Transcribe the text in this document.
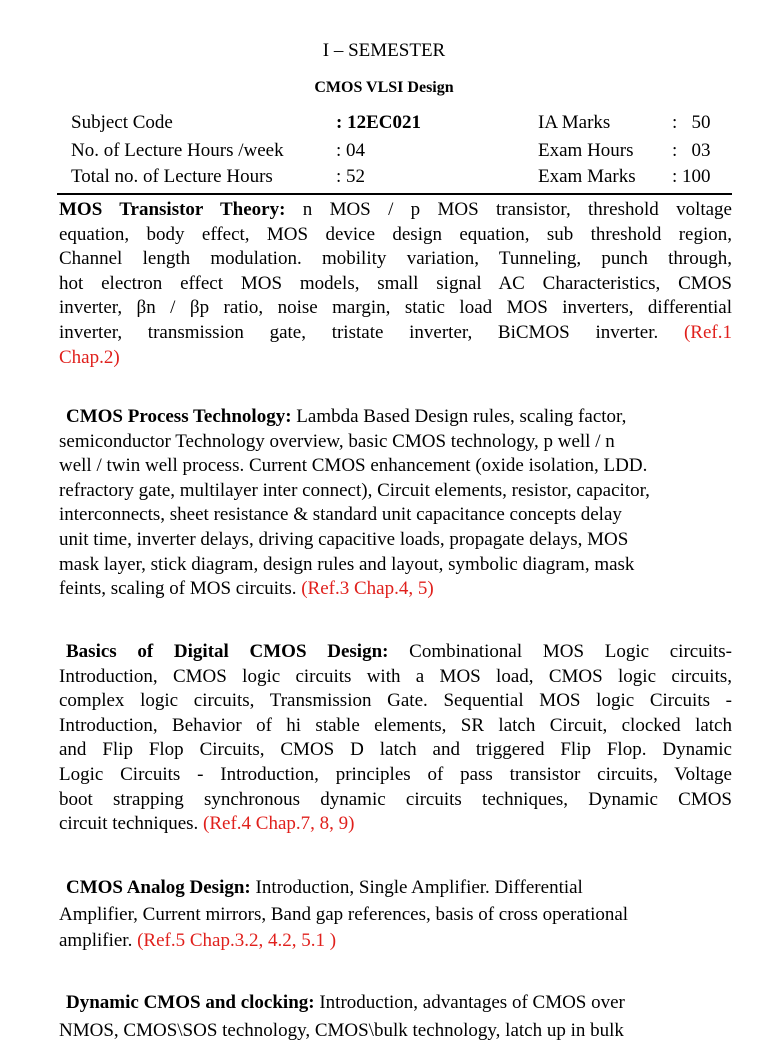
I – SEMESTER
CMOS VLSI Design
Subject Code	: 12EC021	IA Marks	:   50
No. of Lecture Hours /week	: 04	Exam Hours :   03
Total no. of Lecture Hours	: 52	Exam Marks : 100
MOS Transistor Theory: n MOS / p MOS transistor, threshold voltage
equation, body effect, MOS device design equation, sub threshold region,
Channel length modulation. mobility variation, Tunneling, punch through,
hot electron effect MOS models, small signal AC Characteristics, CMOS
inverter, βn / βp ratio, noise margin, static load MOS inverters, differential
inverter, transmission gate, tristate inverter, BiCMOS inverter. (Ref.1
Chap.2)
CMOS Process Technology: Lambda Based Design rules, scaling factor,
semiconductor Technology overview, basic CMOS technology, p well / n
well / twin well process. Current CMOS enhancement (oxide isolation, LDD.
refractory gate, multilayer inter connect), Circuit elements, resistor, capacitor,
interconnects, sheet resistance & standard unit capacitance concepts delay
unit time, inverter delays, driving capacitive loads, propagate delays, MOS
mask layer, stick diagram, design rules and layout, symbolic diagram, mask
feints, scaling of MOS circuits. (Ref.3 Chap.4, 5)
Basics of Digital CMOS Design: Combinational MOS Logic circuits-
Introduction, CMOS logic circuits with a MOS load, CMOS logic circuits,
complex logic circuits, Transmission Gate. Sequential MOS logic Circuits -
Introduction, Behavior of hi stable elements, SR latch Circuit, clocked latch
and Flip Flop Circuits, CMOS D latch and triggered Flip Flop. Dynamic
Logic Circuits - Introduction, principles of pass transistor circuits, Voltage
boot strapping synchronous dynamic circuits techniques, Dynamic CMOS
circuit techniques. (Ref.4 Chap.7, 8, 9)
CMOS Analog Design: Introduction, Single Amplifier. Differential
Amplifier, Current mirrors, Band gap references, basis of cross operational
amplifier. (Ref.5 Chap.3.2, 4.2, 5.1 )
Dynamic CMOS and clocking: Introduction, advantages of CMOS over
NMOS, CMOS\SOS technology, CMOS\bulk technology, latch up in bulk
